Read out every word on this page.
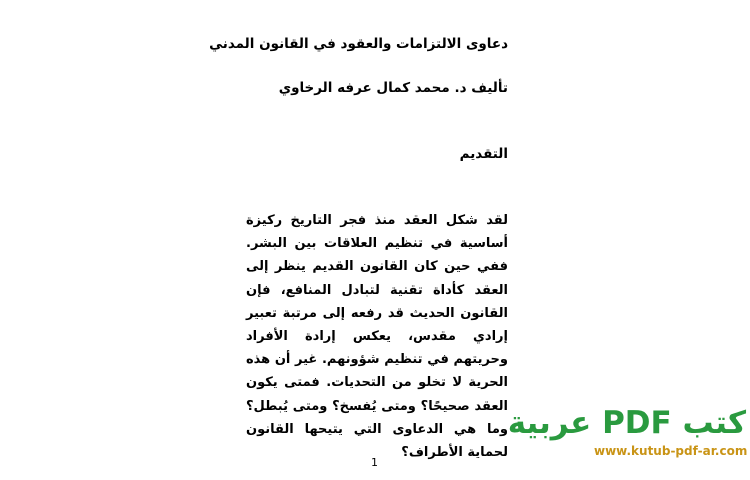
دعاوى الالتزامات والعقود في القانون المدني
تأليف د. محمد كمال عرفه الرخاوي
التقديم
لقد شكل العقد منذ فجر التاريخ ركيزة أساسية في تنظيم العلاقات بين البشر. ففي حين كان القانون القديم ينظر إلى العقد كأداة تقنية لتبادل المنافع، فإن القانون الحديث قد رفعه إلى مرتبة تعبير إرادي مقدس، يعكس إرادة الأفراد وحريتهم في تنظيم شؤونهم. غير أن هذه الحرية لا تخلو من التحديات. فمتى يكون العقد صحيحًا؟ ومتى يُفسخ؟ ومتى يُبطل؟ وما هي الدعاوى التي يتيحها القانون لحماية الأطراف؟
1
كتب PDF عربية
www.kutub-pdf-ar.com
